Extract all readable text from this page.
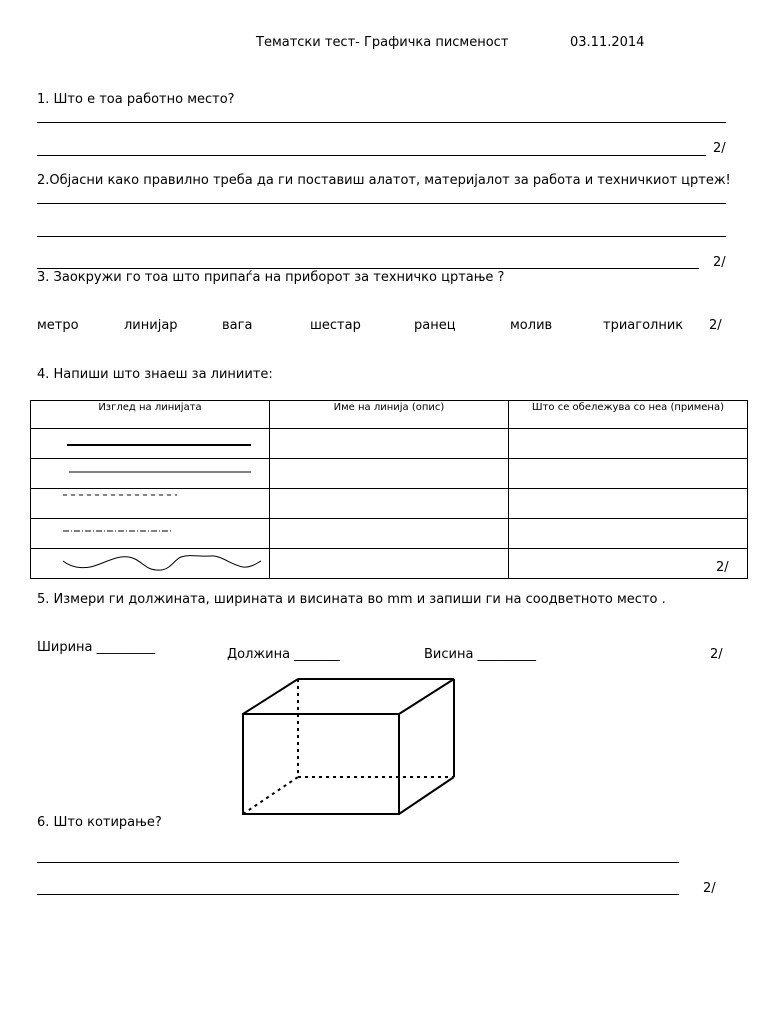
Тематски тест- Графичка писменост	03.11.2014
1. Што е тоа работно место?
2/
2.Објасни како правилно треба да ги поставиш алатот, материјалот за работа и техничкиот цртеж!
2/
3. Заокружи го тоа што припаѓа на приборот за техничко цртање ?
метро	линијар	вага	шестар	ранец	молив	триаголник 2/
4. Напиши што знаеш за линиите:
Изглед на линијата	Име на линија (опис)	Што се обележува со неа (примена)

2/
5. Измери ги должината, ширината и висината во mm и запиши ги на соодветното место .
Ширина _________	Должина _______	Висина _________	2/
6. Што котирање?
2/
